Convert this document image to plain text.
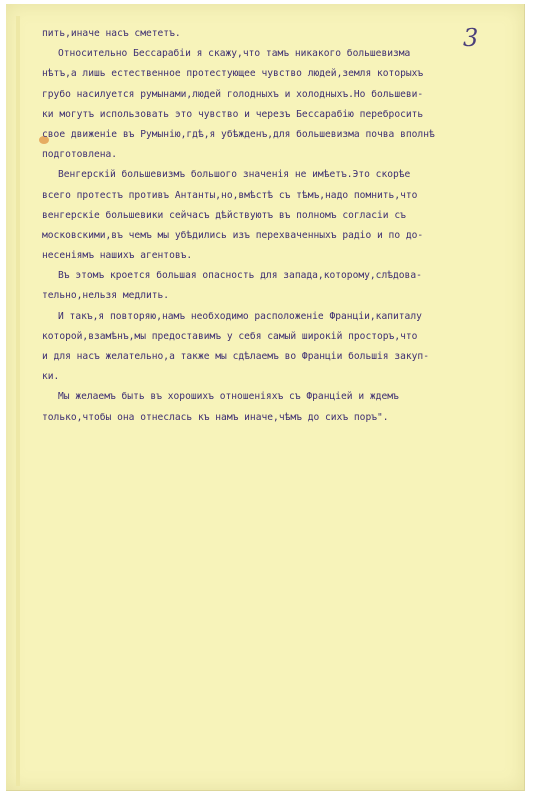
3
пить,иначе насъ смететъ.
Относительно Бессарабiи я скажу,что тамъ никакого большевизма
нѣтъ,а лишь естественное протестующее чувство людей,земля которыхъ
грубо насилуется румынами,людей голодныхъ и холодныхъ.Но большеви-
ки могутъ использовать это чувство и черезъ Бессарабiю перебросить
свое движенiе въ Румынiю,гдѣ,я убѣжденъ,для большевизма почва вполнѣ
подготовлена.
Венгерскiй большевизмъ большого значенiя не имѣетъ.Это скорѣе
всего протестъ противъ Антанты,но,вмѣстѣ съ тѣмъ,надо помнить,что
венгерскiе большевики сейчасъ дѣйствуютъ въ полномъ согласiи съ
московскими,въ чемъ мы убѣдились изъ перехваченныхъ радiо и по до-
несенiямъ нашихъ агентовъ.
Въ этомъ кроется большая опасность для запада,которому,слѣдова-
тельно,нельзя медлить.
И такъ,я повторяю,намъ необходимо расположенiе Францiи,капиталу
которой,взамѣнъ,мы предоставимъ у себя самый широкiй просторъ,что
и для насъ желательно,а также мы сдѣлаемъ во Францiи большiя закуп-
ки.
Мы желаемъ быть въ хорошихъ отношенiяхъ съ Францiей и ждемъ
только,чтобы она отнеслась къ намъ иначе,чѣмъ до сихъ поръ".
